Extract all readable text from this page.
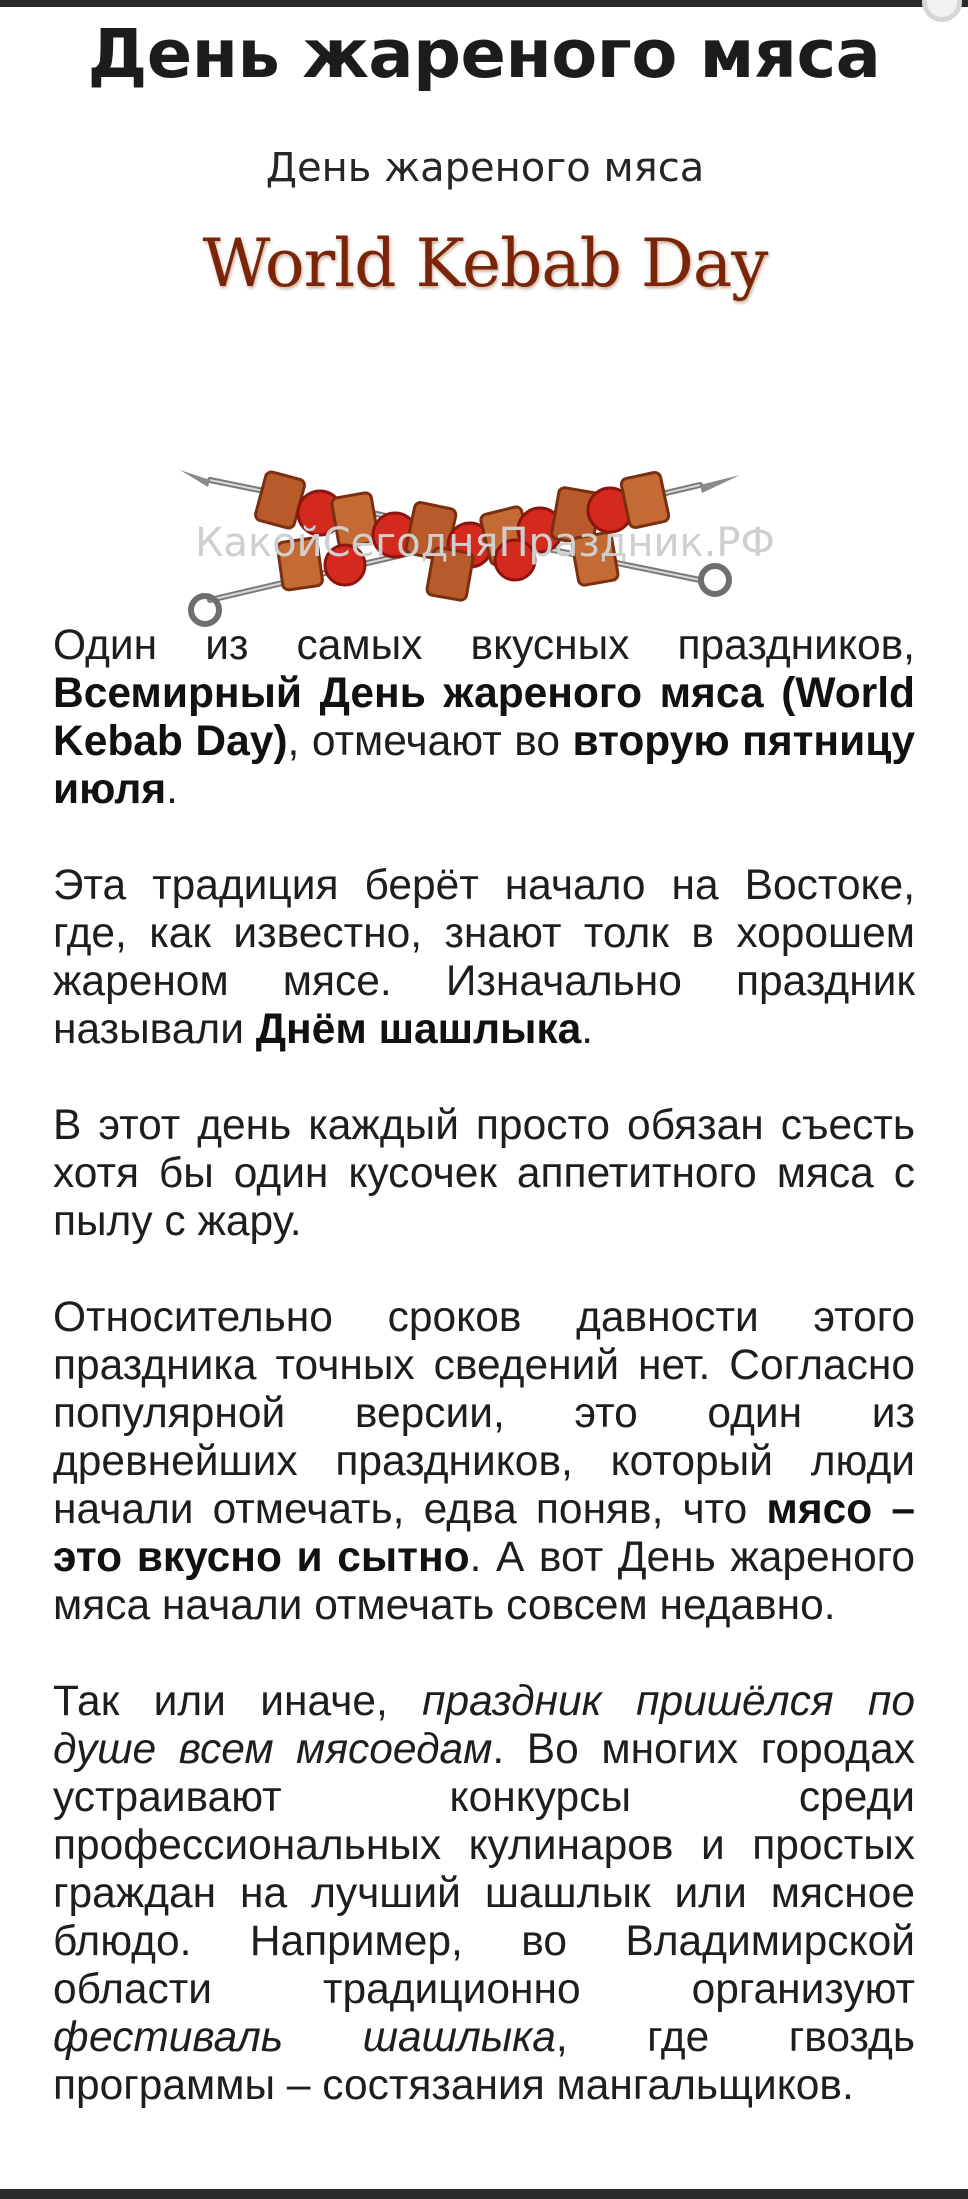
День жареного мяса
День жареного мяса
World Kebab Day
КакойСегодняПраздник.РФ

Один из самых вкусных праздников, Всемирный День жареного мяса (World Kebab Day), отмечают во вторую пятницу июля.

Эта традиция берёт начало на Востоке, где, как известно, знают толк в хорошем жареном мясе. Изначально праздник называли Днём шашлыка.

В этот день каждый просто обязан съесть хотя бы один кусочек аппетитного мяса с пылу с жару.

Относительно сроков давности этого праздника точных сведений нет. Согласно популярной версии, это один из древнейших праздников, который люди начали отмечать, едва поняв, что мясо – это вкусно и сытно. А вот День жареного мяса начали отмечать совсем недавно.

Так или иначе, праздник пришёлся по душе всем мясоедам. Во многих городах устраивают конкурсы среди профессиональных кулинаров и простых граждан на лучший шашлык или мясное блюдо. Например, во Владимирской области традиционно организуют фестиваль шашлыка, где гвоздь программы – состязания мангальщиков.
